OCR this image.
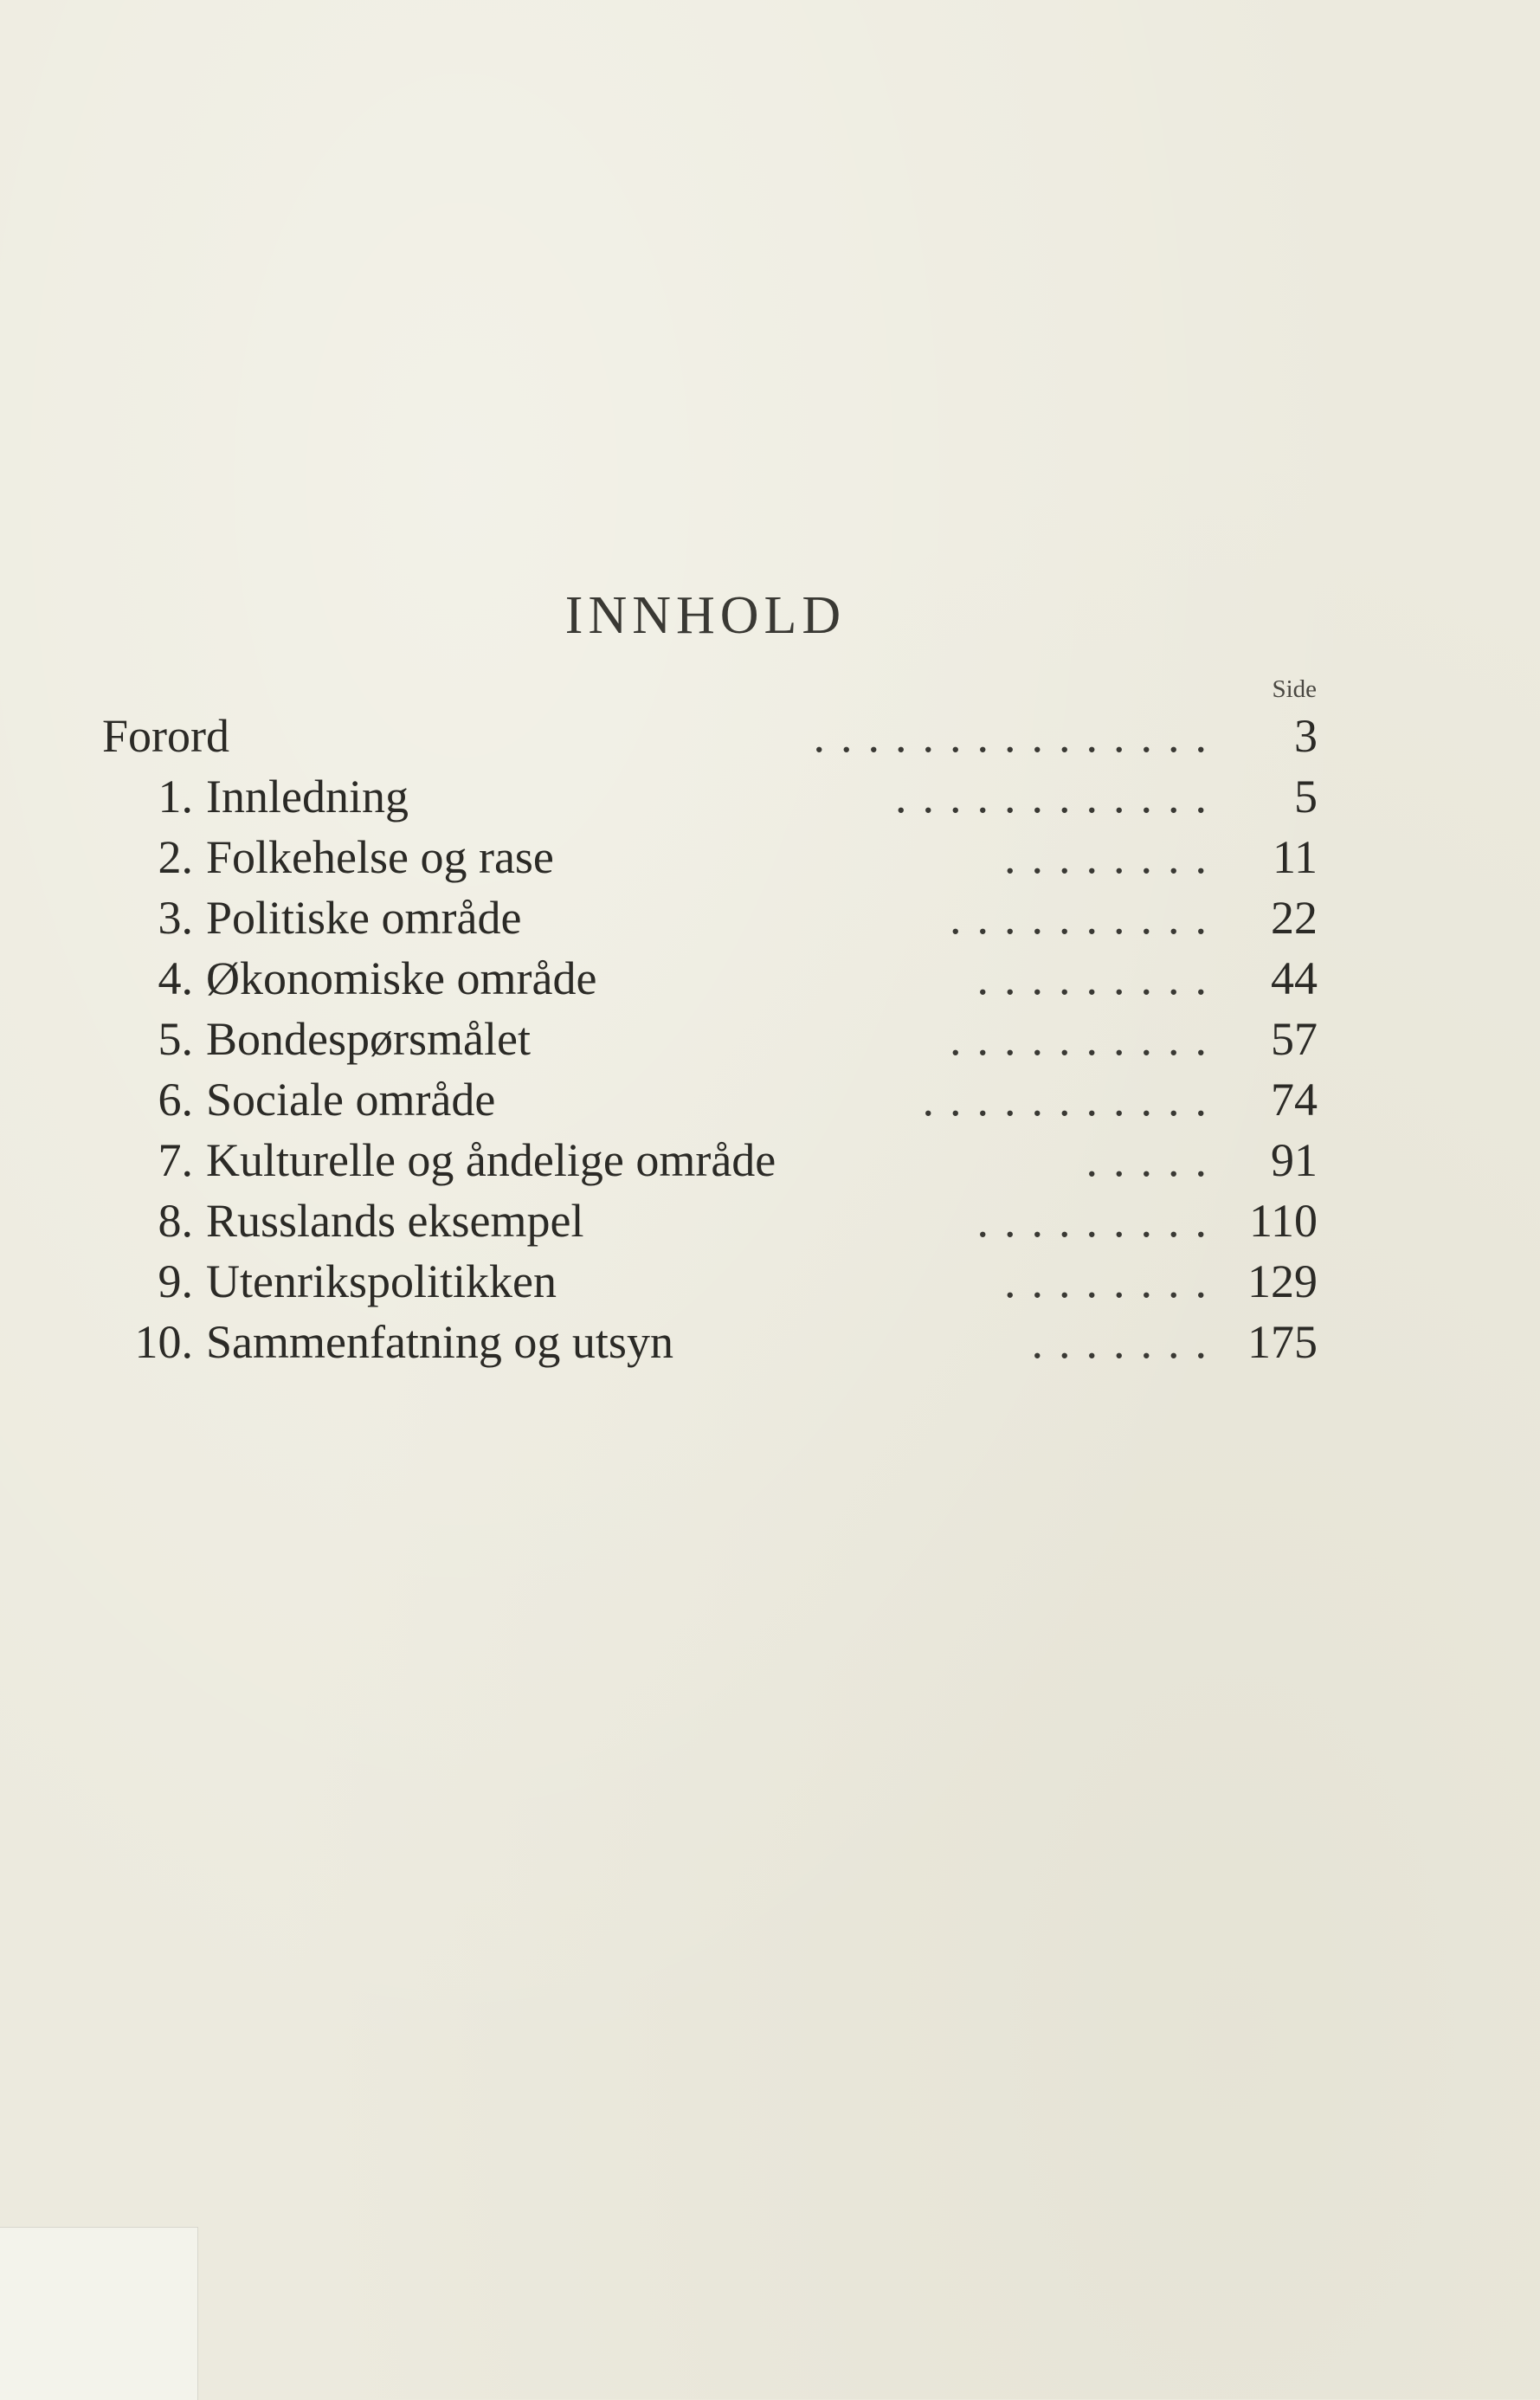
INNHOLD
Side
Forord	...............	3
1. Innledning	............	5
2. Folkehelse og rase	........	11
3. Politiske område	..........	22
4. Økonomiske område	.........	44
5. Bondespørsmålet	..........	57
6. Sociale område	...........	74
7. Kulturelle og åndelige område	.....	91
8. Russlands eksempel	......... 110
9. Utenrikspolitikken	........ 129
10. Sammenfatning og utsyn	....... 175
